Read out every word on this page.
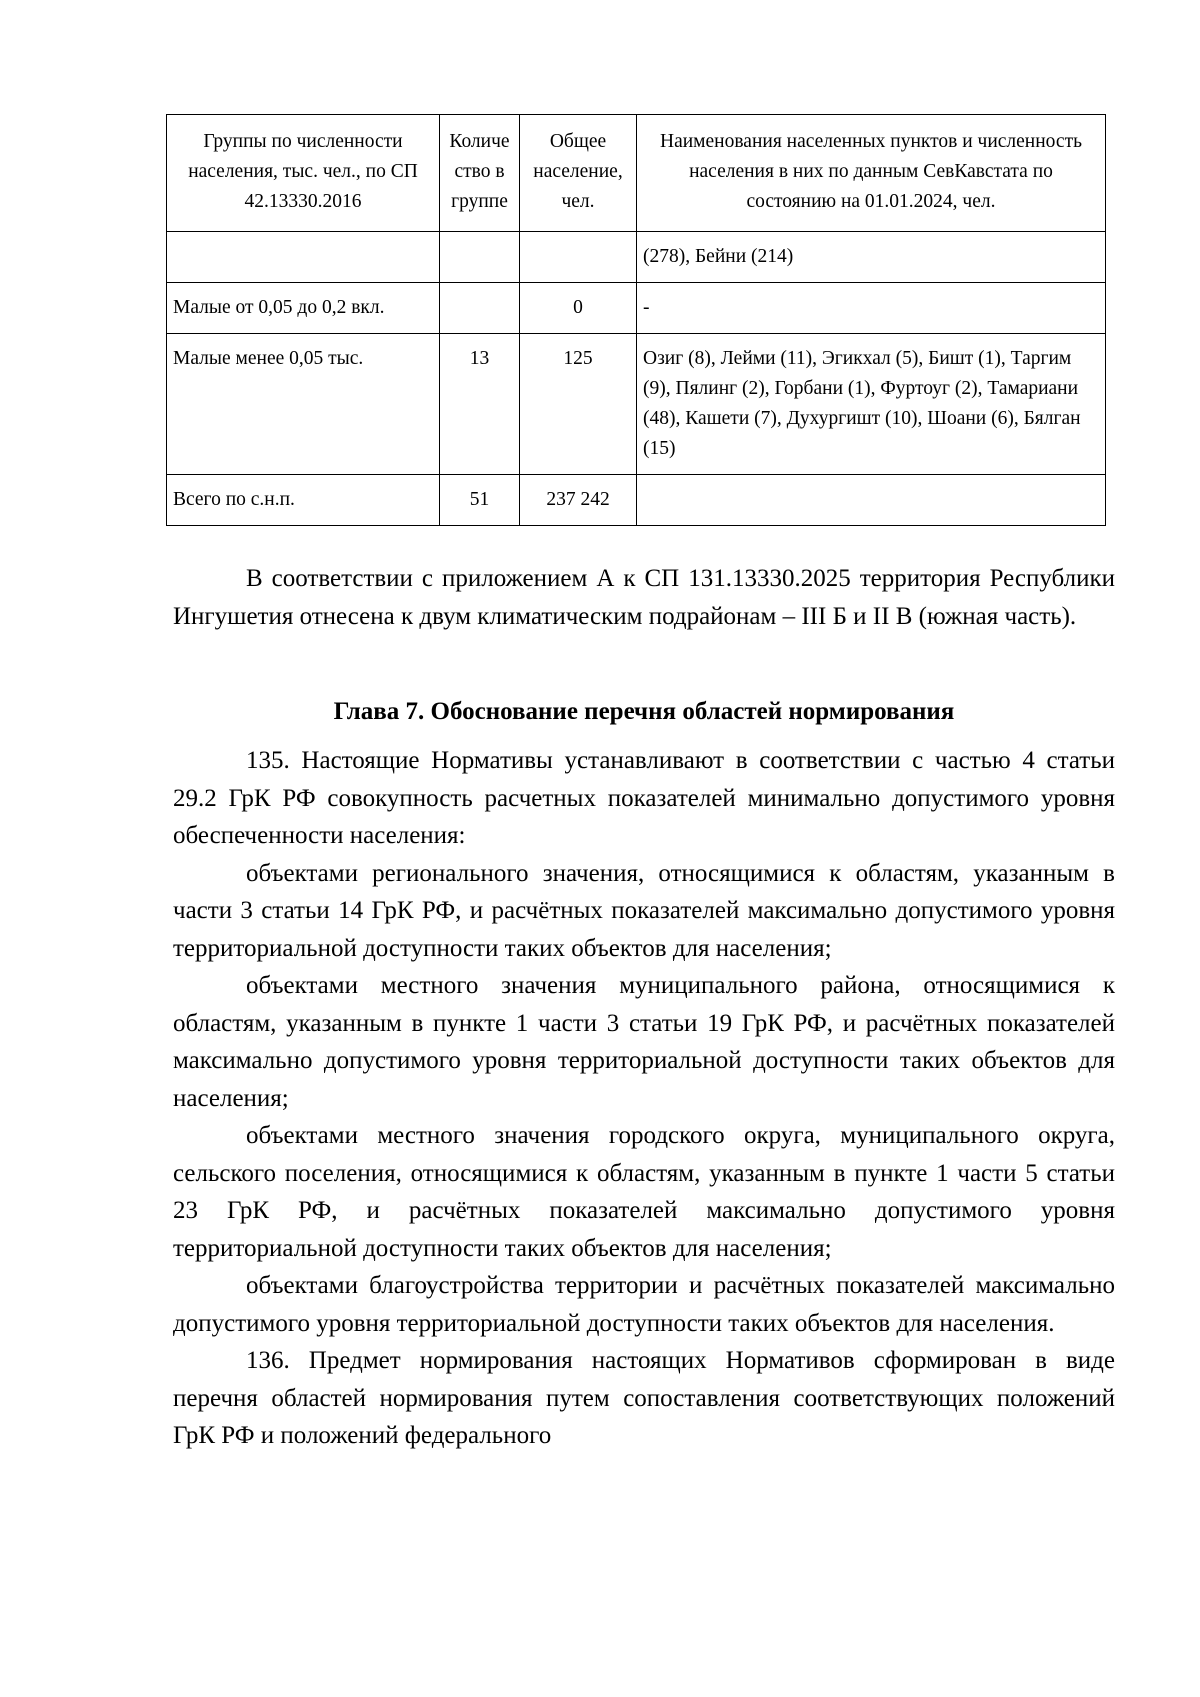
Группы по численности населения, тыс. чел., по СП 42.13330.2016	Количе ство в группе	Общее население, чел.	Наименования населенных пунктов и численность населения в них по данным СевКавстата по состоянию на 01.01.2024, чел.
			(278), Бейни (214)
Малые от 0,05 до 0,2 вкл.		0	-
Малые менее 0,05 тыс.	13	125	Озиг (8), Лейми (11), Эгикхал (5), Бишт (1), Таргим (9), Пялинг (2), Горбани (1), Фуртоуг (2), Тамариани (48), Кашети (7), Духургишт (10), Шоани (6), Бялган (15)
Всего по с.н.п.	51	237 242	

В соответствии с приложением А к СП 131.13330.2025 территория Республики Ингушетия отнесена к двум климатическим подрайонам – III Б и II В (южная часть).

Глава 7. Обоснование перечня областей нормирования

135. Настоящие Нормативы устанавливают в соответствии с частью 4 статьи 29.2 ГрК РФ совокупность расчетных показателей минимально допустимого уровня обеспеченности населения:

объектами регионального значения, относящимися к областям, указанным в части 3 статьи 14 ГрК РФ, и расчётных показателей максимально допустимого уровня территориальной доступности таких объектов для населения;

объектами местного значения муниципального района, относящимися к областям, указанным в пункте 1 части 3 статьи 19 ГрК РФ, и расчётных показателей максимально допустимого уровня территориальной доступности таких объектов для населения;

объектами местного значения городского округа, муниципального округа, сельского поселения, относящимися к областям, указанным в пункте 1 части 5 статьи 23 ГрК РФ, и расчётных показателей максимально допустимого уровня территориальной доступности таких объектов для населения;

объектами благоустройства территории и расчётных показателей максимально допустимого уровня территориальной доступности таких объектов для населения.

136. Предмет нормирования настоящих Нормативов сформирован в виде перечня областей нормирования путем сопоставления соответствующих положений ГрК РФ и положений федерального
